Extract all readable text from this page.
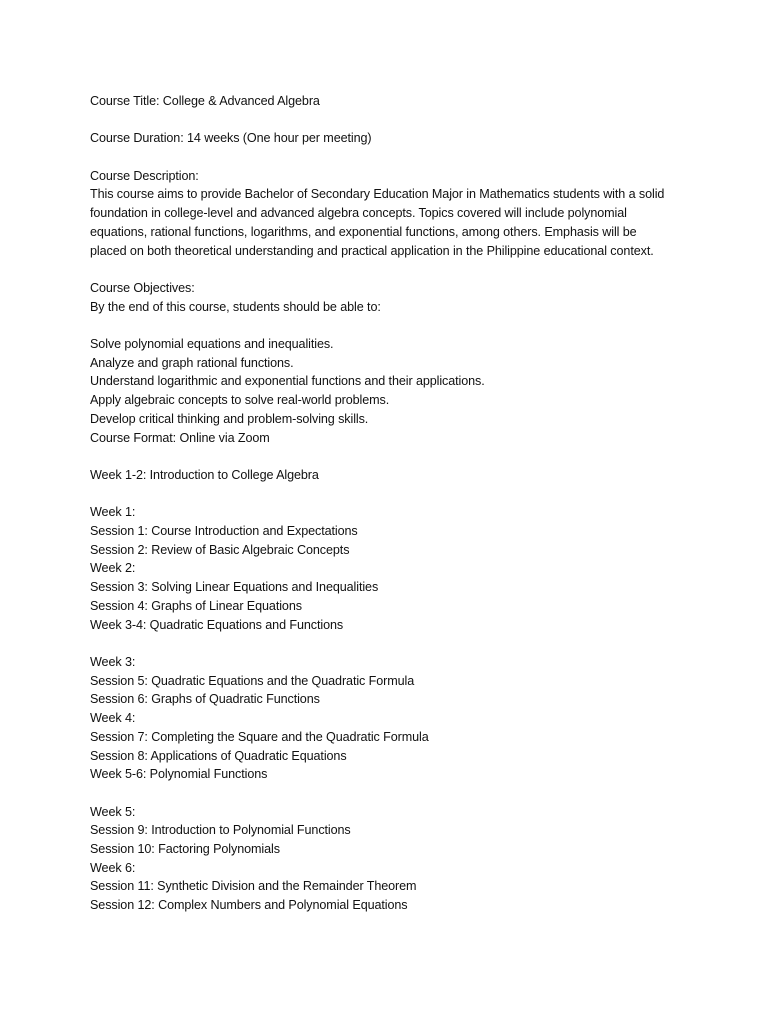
Course Title: College & Advanced Algebra
Course Duration: 14 weeks (One hour per meeting)
Course Description:
This course aims to provide Bachelor of Secondary Education Major in Mathematics students with a solid
foundation in college-level and advanced algebra concepts. Topics covered will include polynomial
equations, rational functions, logarithms, and exponential functions, among others. Emphasis will be
placed on both theoretical understanding and practical application in the Philippine educational context.
Course Objectives:
By the end of this course, students should be able to:
Solve polynomial equations and inequalities.
Analyze and graph rational functions.
Understand logarithmic and exponential functions and their applications.
Apply algebraic concepts to solve real-world problems.
Develop critical thinking and problem-solving skills.
Course Format: Online via Zoom
Week 1-2: Introduction to College Algebra
Week 1:
Session 1: Course Introduction and Expectations
Session 2: Review of Basic Algebraic Concepts
Week 2:
Session 3: Solving Linear Equations and Inequalities
Session 4: Graphs of Linear Equations
Week 3-4: Quadratic Equations and Functions
Week 3:
Session 5: Quadratic Equations and the Quadratic Formula
Session 6: Graphs of Quadratic Functions
Week 4:
Session 7: Completing the Square and the Quadratic Formula
Session 8: Applications of Quadratic Equations
Week 5-6: Polynomial Functions
Week 5:
Session 9: Introduction to Polynomial Functions
Session 10: Factoring Polynomials
Week 6:
Session 11: Synthetic Division and the Remainder Theorem
Session 12: Complex Numbers and Polynomial Equations
